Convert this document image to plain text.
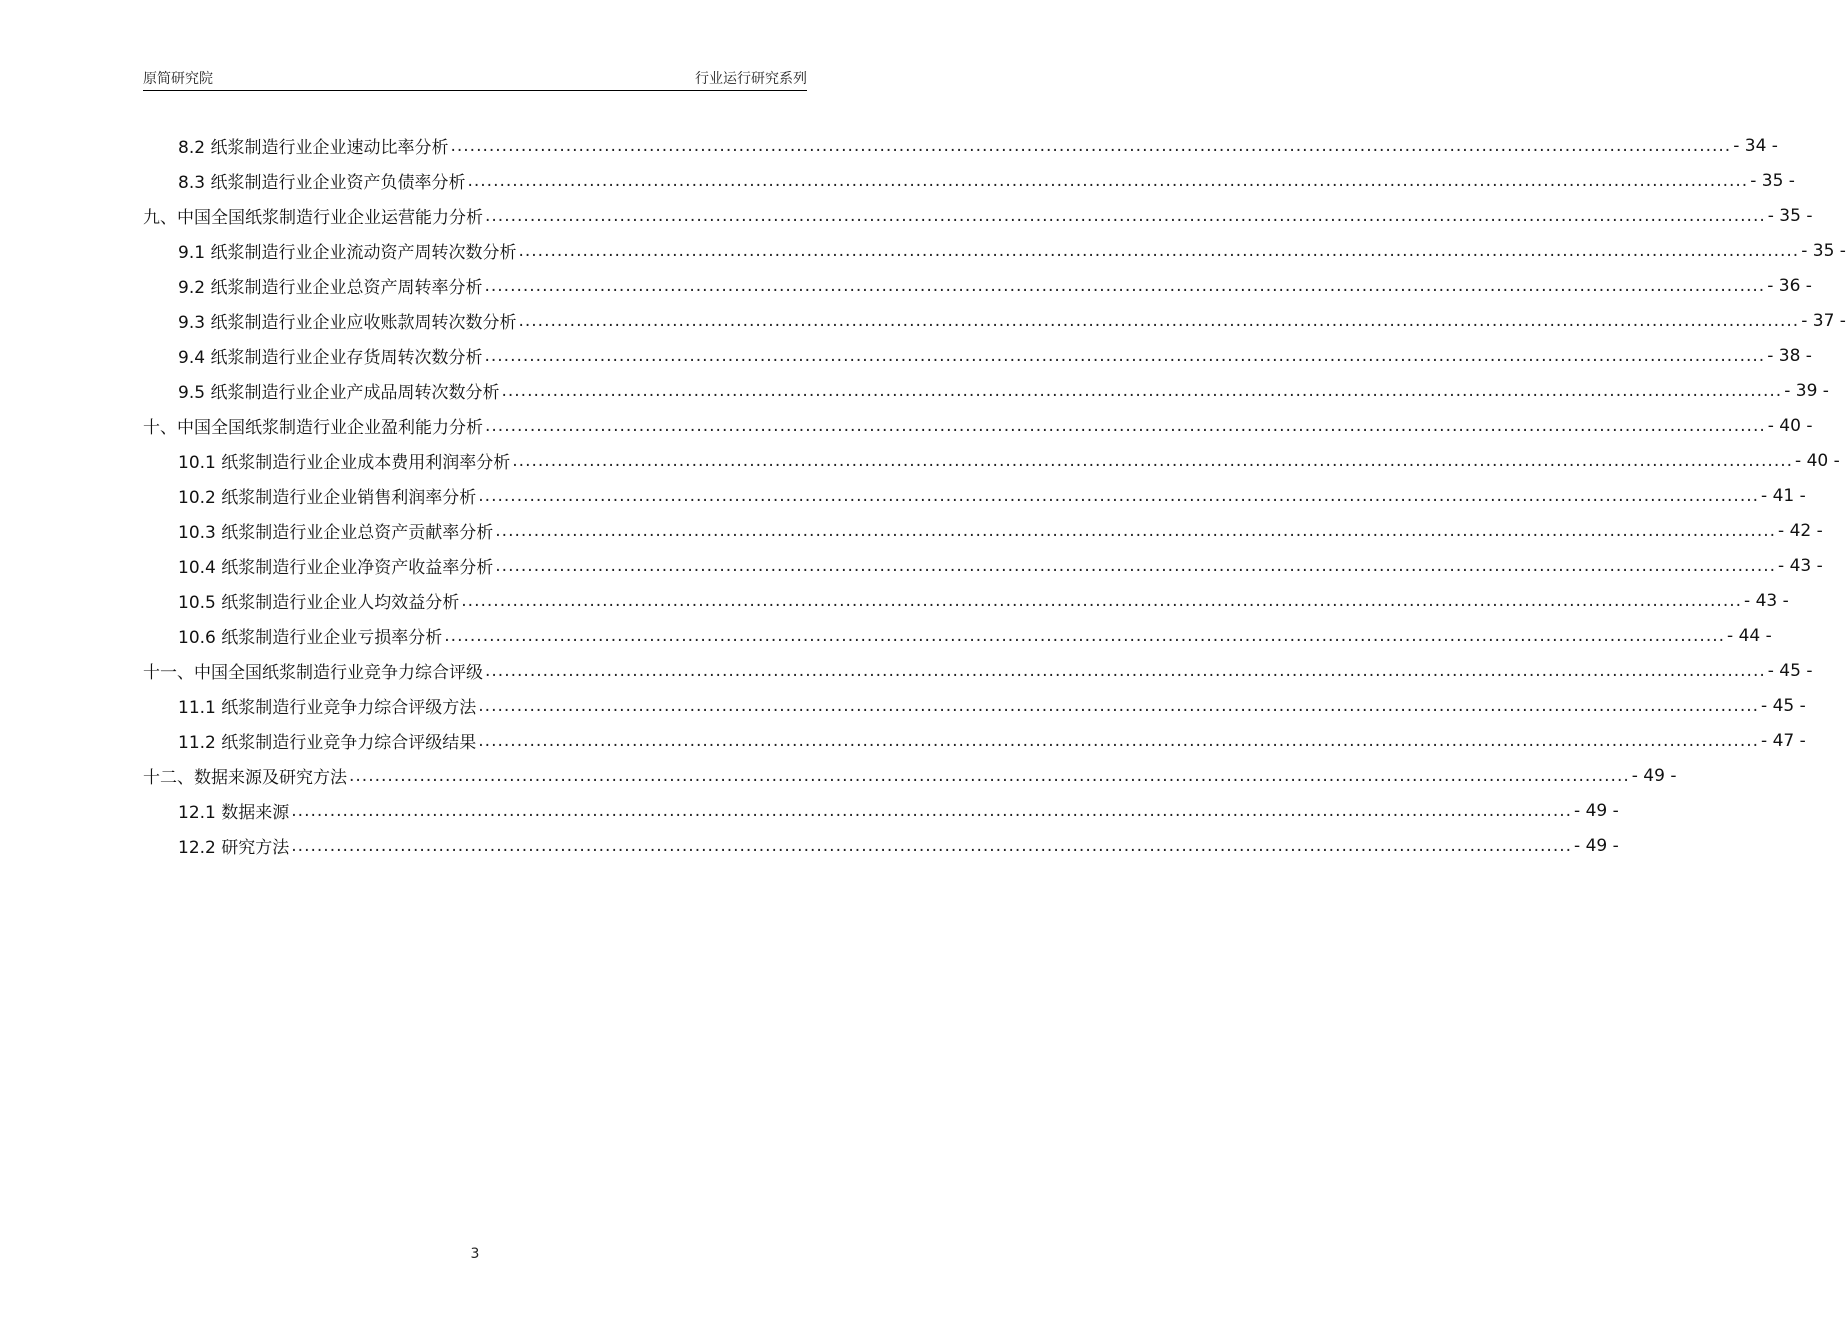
原简研究院	行业运行研究系列
8.2 纸浆制造行业企业速动比率分析 ........................................................................................................................................................................................................ - 34 -
8.3 纸浆制造行业企业资产负债率分析 ........................................................................................................................................................................................................ - 35 -
九、中国全国纸浆制造行业企业运营能力分析 ........................................................................................................................................................................................................ - 35 -
9.1 纸浆制造行业企业流动资产周转次数分析 ........................................................................................................................................................................................................ - 35 -
9.2 纸浆制造行业企业总资产周转率分析 ........................................................................................................................................................................................................ - 36 -
9.3 纸浆制造行业企业应收账款周转次数分析 ........................................................................................................................................................................................................ - 37 -
9.4 纸浆制造行业企业存货周转次数分析 ........................................................................................................................................................................................................ - 38 -
9.5 纸浆制造行业企业产成品周转次数分析 ........................................................................................................................................................................................................ - 39 -
十、中国全国纸浆制造行业企业盈利能力分析 ........................................................................................................................................................................................................ - 40 -
10.1 纸浆制造行业企业成本费用利润率分析 ........................................................................................................................................................................................................ - 40 -
10.2 纸浆制造行业企业销售利润率分析 ........................................................................................................................................................................................................ - 41 -
10.3 纸浆制造行业企业总资产贡献率分析 ........................................................................................................................................................................................................ - 42 -
10.4 纸浆制造行业企业净资产收益率分析 ........................................................................................................................................................................................................ - 43 -
10.5 纸浆制造行业企业人均效益分析 ........................................................................................................................................................................................................ - 43 -
10.6 纸浆制造行业企业亏损率分析 ........................................................................................................................................................................................................ - 44 -
十一、中国全国纸浆制造行业竞争力综合评级 ........................................................................................................................................................................................................ - 45 -
11.1 纸浆制造行业竞争力综合评级方法 ........................................................................................................................................................................................................ - 45 -
11.2 纸浆制造行业竞争力综合评级结果 ........................................................................................................................................................................................................ - 47 -
十二、数据来源及研究方法 ........................................................................................................................................................................................................ - 49 -
12.1 数据来源 ........................................................................................................................................................................................................ - 49 -
12.2 研究方法 ........................................................................................................................................................................................................ - 49 -
3
